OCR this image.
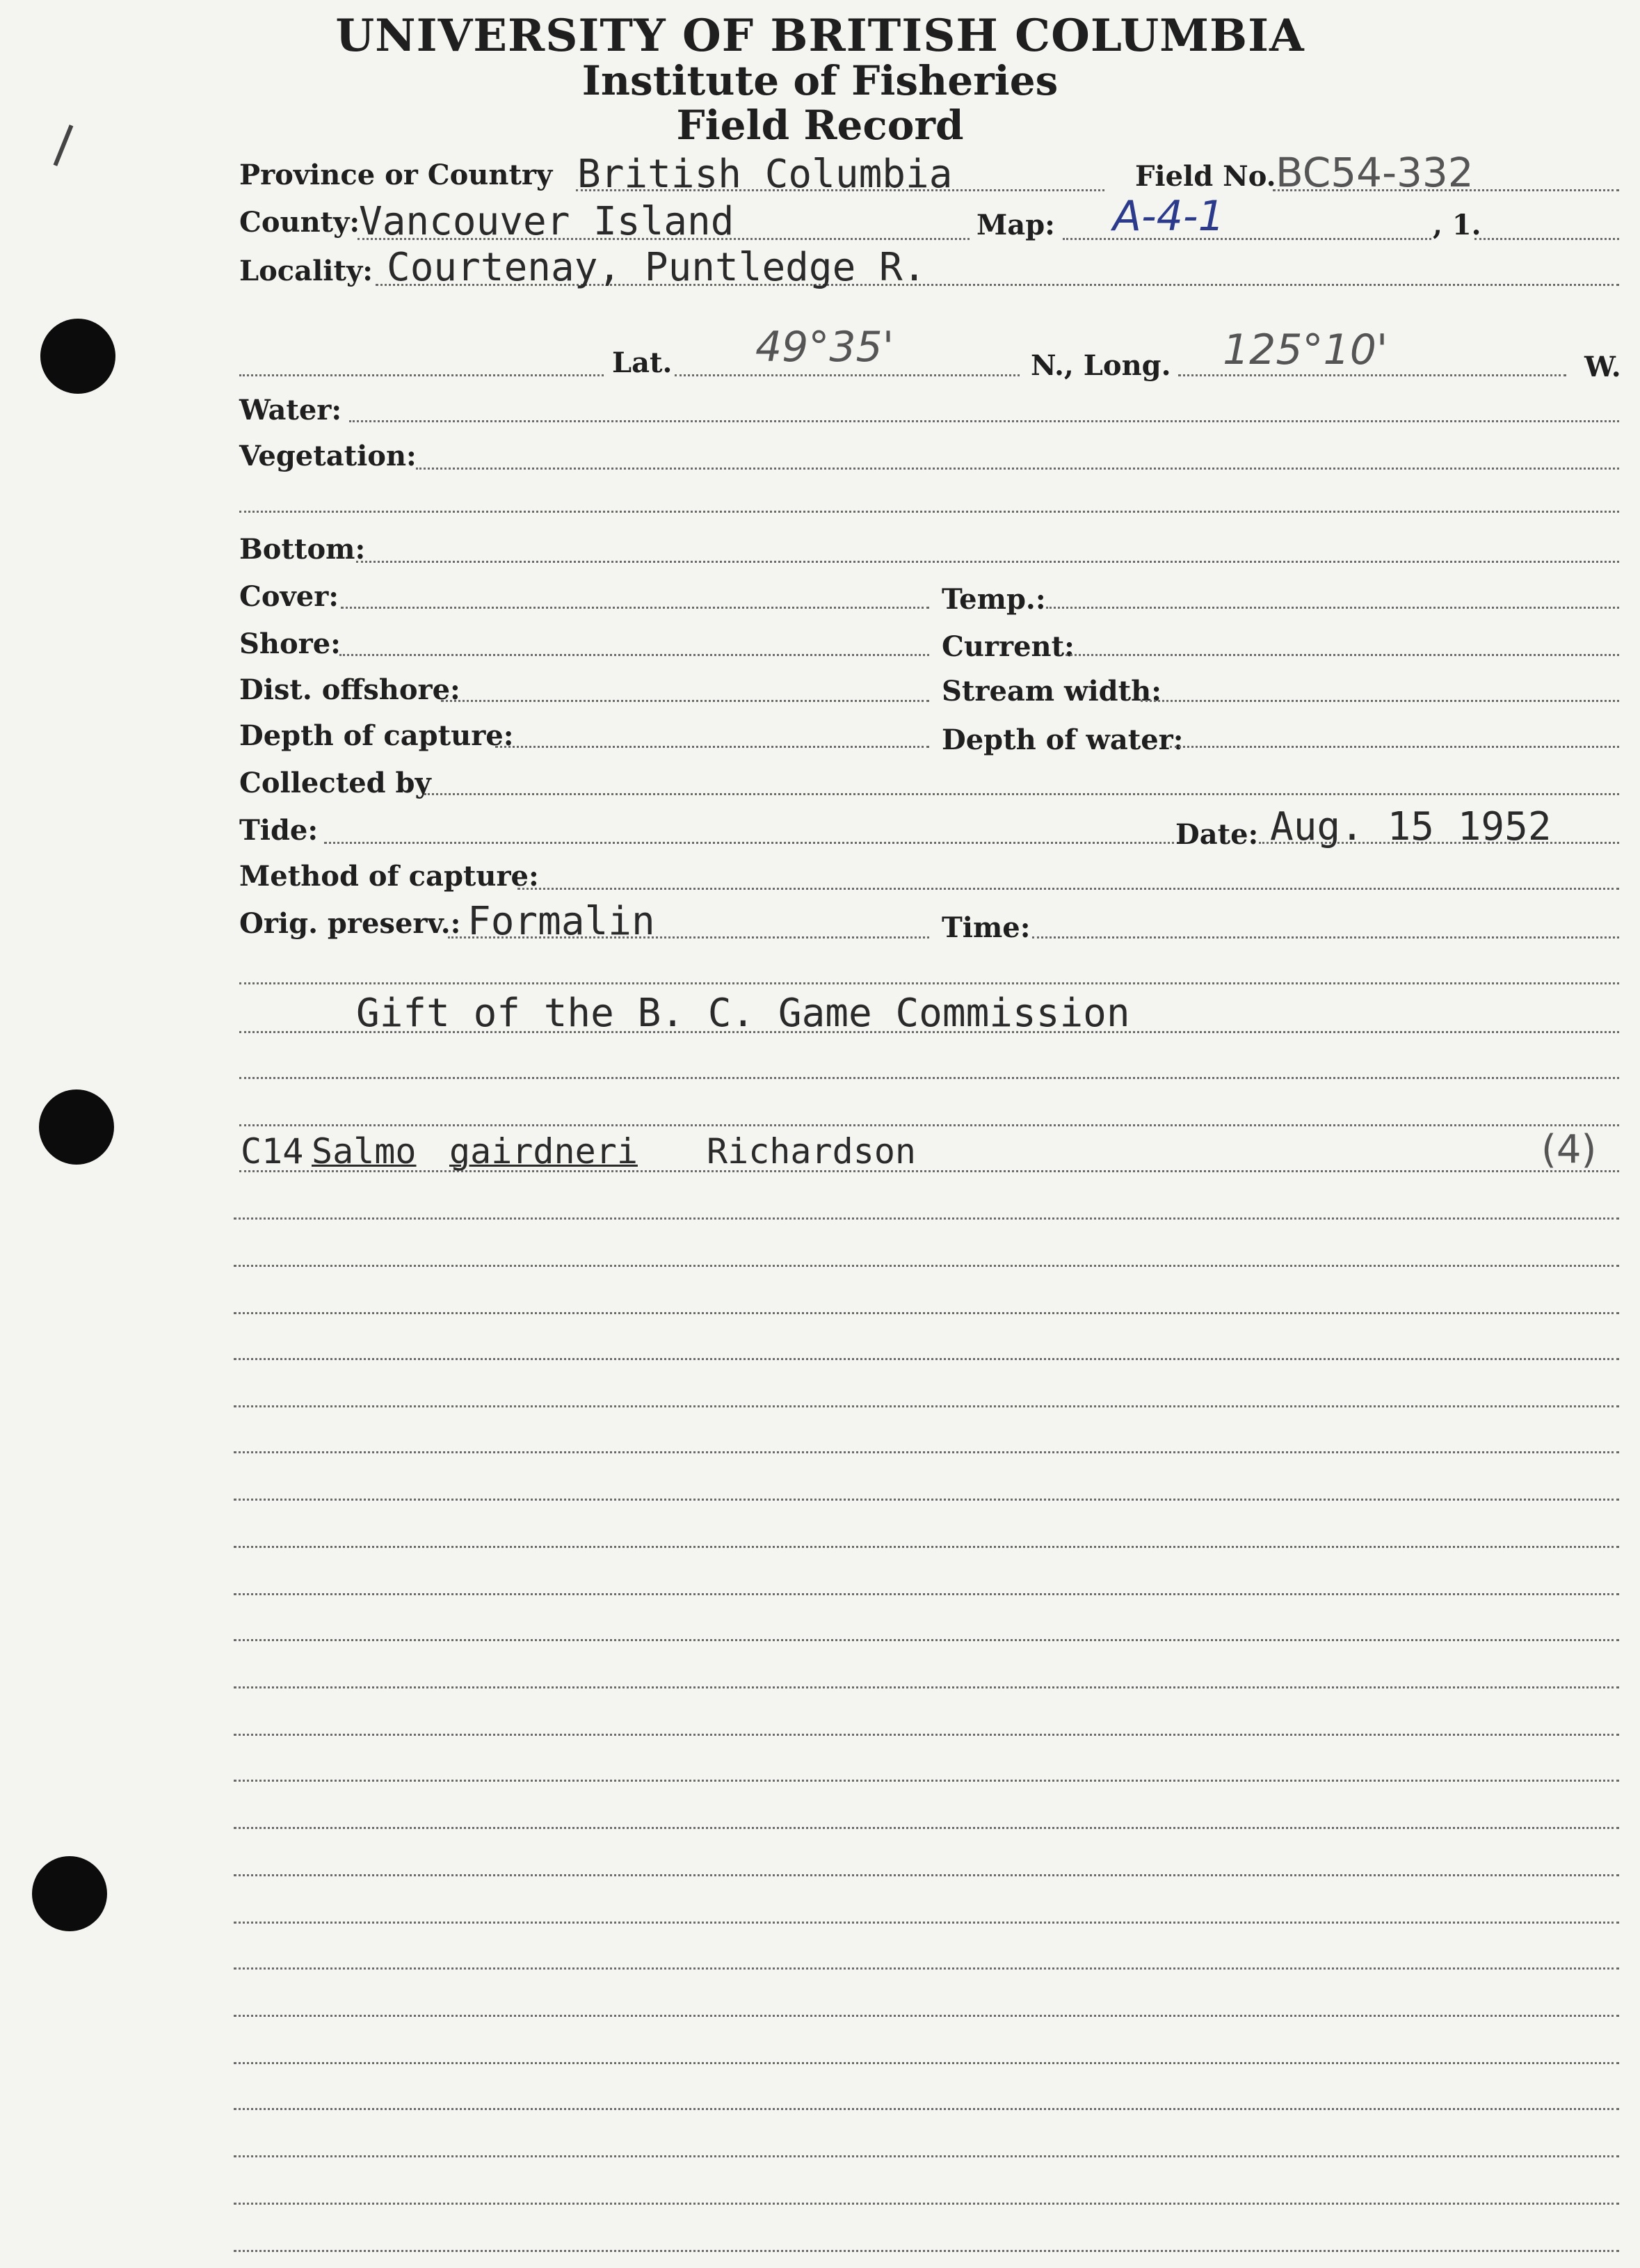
UNIVERSITY OF BRITISH COLUMBIA
Institute of Fisheries
Field Record
Province or Country British Columbia	Field No. BC54-332
County:
Vancouver Island	Map: A-4-1	, 1.
Locality: Courtenay, Puntledge R.
Lat. 49°35'	N., Long. 125°10'	W.
Water:
Vegetation:
Bottom:
Cover:	Temp.:
Shore:	Current:
Dist. offshore:	Stream width:
Depth of capture:	Depth of water:
Collected by
Tide:	Date: Aug. 15 1952
Method of capture:
Orig. preserv.: Formalin	Time:
Gift of the B. C. Game Commission
C14 Salmo gairdneri Richardson	(4)
